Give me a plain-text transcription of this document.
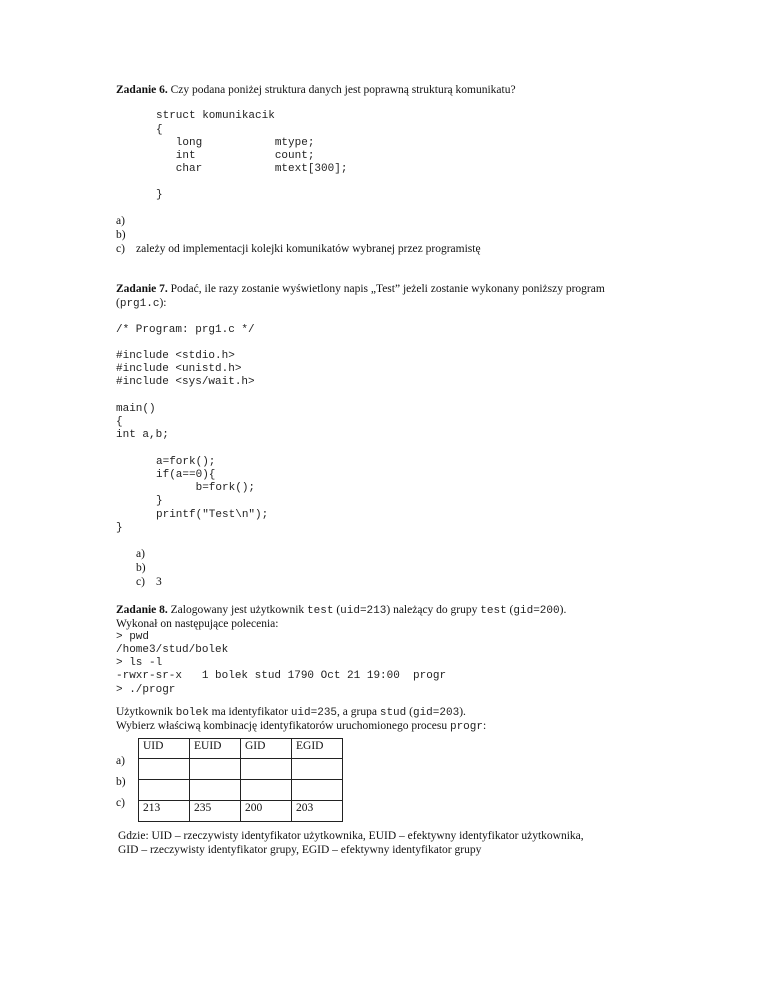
Zadanie 6. Czy podana poniżej struktura danych jest poprawną strukturą komunikatu?
struct komunikacik
{
long           mtype;
int            count;
char           mtext[300];
}
a)
b)
c) zależy od implementacji kolejki komunikatów wybranej przez programistę
Zadanie 7. Podać, ile razy zostanie wyświetlony napis „Test” jeżeli zostanie wykonany poniższy program
(prg1.c):
/* Program: prg1.c */
#include <stdio.h>
#include <unistd.h>
#include <sys/wait.h>
main()
{
int a,b;
a=fork();
if(a==0){
b=fork();
}
printf("Test\n");
}
a)
b)
c) 3
Zadanie 8. Zalogowany jest użytkownik test (uid=213) należący do grupy test (gid=200).
Wykonał on następujące polecenia:
> pwd
/home3/stud/bolek
> ls -l
-rwxr-sr-x   1 bolek stud 1790 Oct 21 19:00  progr
> ./progr
Użytkownik bolek ma identyfikator uid=235, a grupa stud (gid=203).
Wybierz właściwą kombinację identyfikatorów uruchomionego procesu progr:
UID	EUID	GID	EGID

213	235	200	203
a)
b)
c)
Gdzie: UID – rzeczywisty identyfikator użytkownika, EUID – efektywny identyfikator użytkownika,
GID – rzeczywisty identyfikator grupy, EGID – efektywny identyfikator grupy
